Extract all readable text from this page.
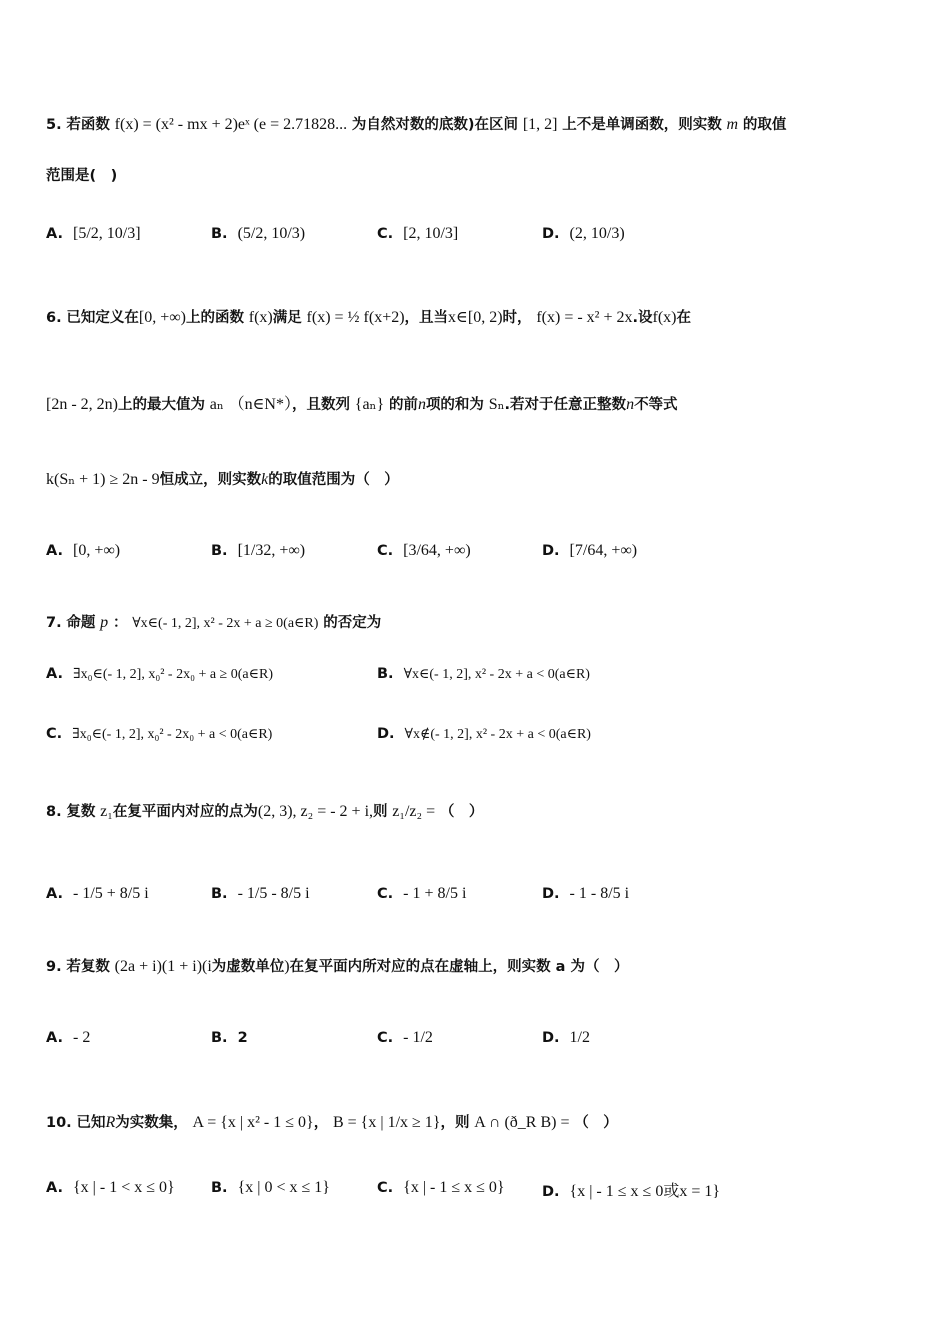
5. 若函数 f(x) = (x² - mx + 2)eˣ (e = 2.71828... 为自然对数的底数)在区间 [1, 2] 上不是单调函数，则实数 m 的取值
范围是(　)
A. [5/2, 10/3]	B. (5/2, 10/3)	C. [2, 10/3]	D. (2, 10/3)
6. 已知定义在[0, +∞)上的函数 f(x)满足 f(x) = ½ f(x+2)，且当x∈[0, 2)时， f(x) = - x² + 2x.设f(x)在
[2n - 2, 2n)上的最大值为 aₙ （n∈N*），且数列 {aₙ} 的前n项的和为 Sₙ.若对于任意正整数n不等式
k(Sₙ + 1) ≥ 2n - 9恒成立，则实数k的取值范围为（　）
A. [0, +∞)	B. [1/32, +∞)	C. [3/64, +∞)	D. [7/64, +∞)
7. 命题 p ： ∀x∈(- 1, 2], x² - 2x + a ≥ 0(a∈R) 的否定为
A. ∃x₀∈(- 1, 2], x₀² - 2x₀ + a ≥ 0(a∈R)	B. ∀x∈(- 1, 2], x² - 2x + a < 0(a∈R)
C. ∃x₀∈(- 1, 2], x₀² - 2x₀ + a < 0(a∈R)	D. ∀x∉(- 1, 2], x² - 2x + a < 0(a∈R)
8. 复数 z₁在复平面内对应的点为(2, 3), z₂ = - 2 + i,则 z₁/z₂ = （　）
A. - 1/5 + 8/5 i	B. - 1/5 - 8/5 i	C. - 1 + 8/5 i	D. - 1 - 8/5 i
9. 若复数 (2a + i)(1 + i)(i为虚数单位)在复平面内所对应的点在虚轴上，则实数 a 为（　）
A. - 2	B. 2	C. - 1/2	D. 1/2
10. 已知R为实数集， A = {x | x² - 1 ≤ 0}， B = {x | 1/x ≥ 1}，则 A ∩ (ð_R B) = （　）
A. {x | - 1 < x ≤ 0}	B. {x | 0 < x ≤ 1}	C. {x | - 1 ≤ x ≤ 0}	D. {x | - 1 ≤ x ≤ 0或x = 1}
